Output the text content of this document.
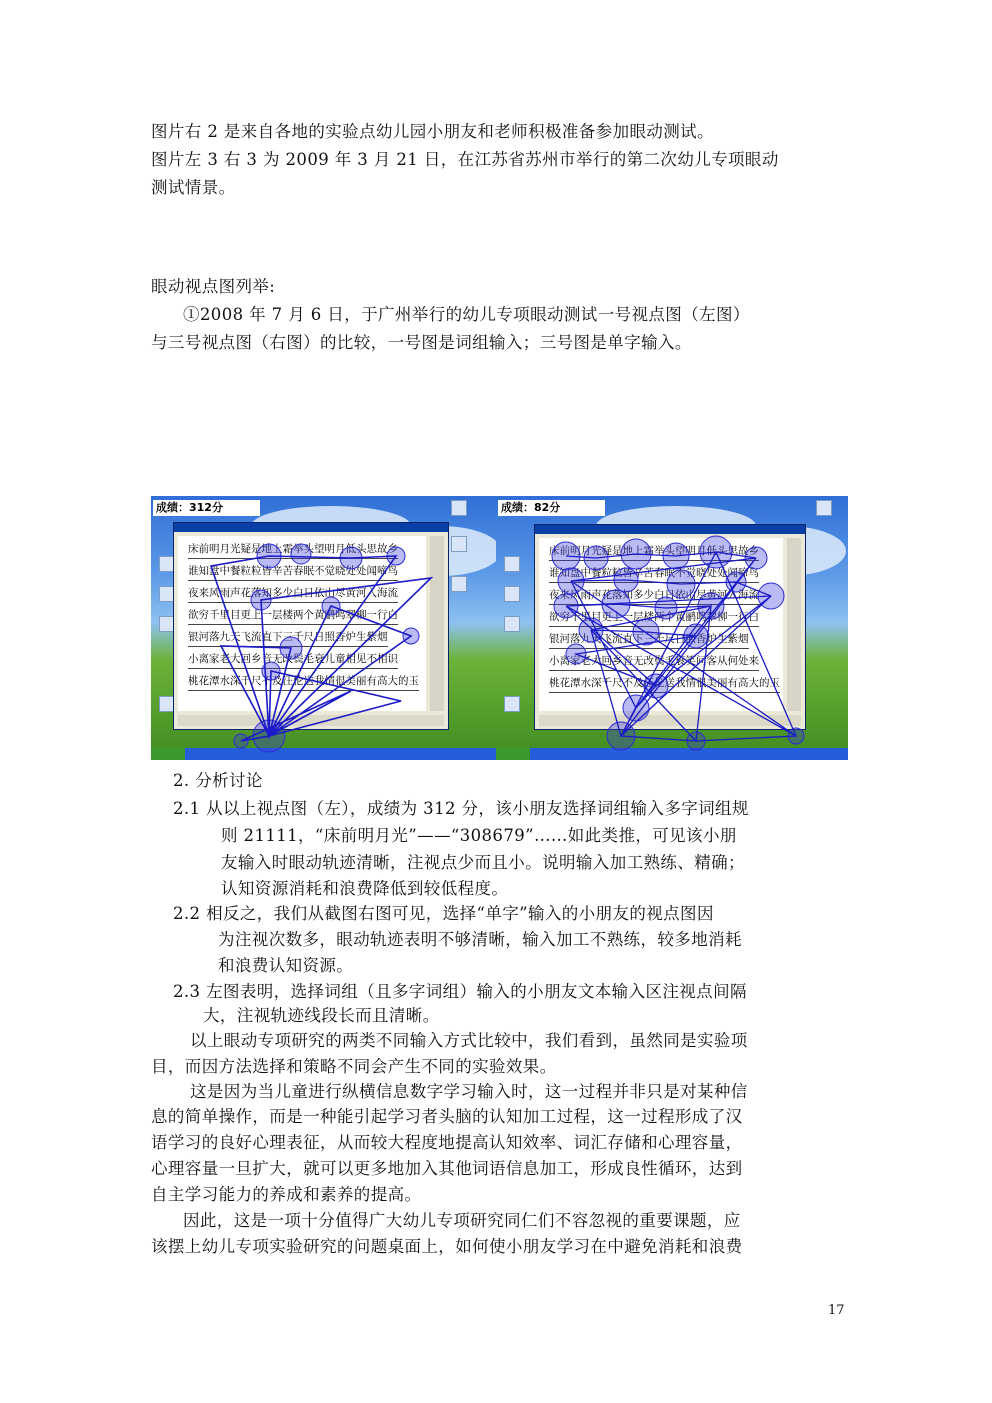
图片右 2 是来自各地的实验点幼儿园小朋友和老师积极准备参加眼动测试。
图片左 3 右 3 为 2009 年 3 月 21 日，在江苏省苏州市举行的第二次幼儿专项眼动
测试情景。
眼动视点图列举:
①2008 年 7 月 6 日，于广州举行的幼儿专项眼动测试一号视点图（左图）
与三号视点图（右图）的比较，一号图是词组输入；三号图是单字输入。
成绩：312分
床前明月光疑是地上霜举头望明月低头思故乡
谁知盘中餐粒粒皆辛苦春眠不觉晓处处闻啼鸟
夜来风雨声花落知多少白日依山尽黄河入海流
欲穷千里目更上一层楼两个黄鹂鸣翠柳一行白
银河落九天飞流直下三千尺日照香炉生紫烟
小离家老大回乡音无改鬓毛衰儿童相见不相识
桃花潭水深千尺不及汪伦送我情很美丽有高大的玉
成绩：82分
床前明月光疑是地上霜举头望明月低头思故乡
谁知盘中餐粒粒皆辛苦春眠不觉晓处处闻啼鸟
夜来风雨声花落知多少白日依山尽黄河入海流
欲穷千里目更上一层楼两个黄鹂鸣翠柳一行白
银河落九天飞流直下三千尺日照香炉生紫烟
小离家老大回乡音无改鬓毛衰笑问客从何处来
桃花潭水深千尺不及汪伦送我情很美丽有高大的玉
2. 分析讨论
2.1 从以上视点图（左），成绩为 312 分，该小朋友选择词组输入多字词组规
则 21111，“床前明月光”——“308679”……如此类推，可见该小朋
友输入时眼动轨迹清晰，注视点少而且小。说明输入加工熟练、精确；
认知资源消耗和浪费降低到较低程度。
2.2 相反之，我们从截图右图可见，选择“单字”输入的小朋友的视点图因
为注视次数多，眼动轨迹表明不够清晰，输入加工不熟练，较多地消耗
和浪费认知资源。
2.3 左图表明，选择词组（且多字词组）输入的小朋友文本输入区注视点间隔
大，注视轨迹线段长而且清晰。
以上眼动专项研究的两类不同输入方式比较中，我们看到，虽然同是实验项
目，而因方法选择和策略不同会产生不同的实验效果。
这是因为当儿童进行纵横信息数字学习输入时，这一过程并非只是对某种信
息的简单操作，而是一种能引起学习者头脑的认知加工过程，这一过程形成了汉
语学习的良好心理表征，从而较大程度地提高认知效率、词汇存储和心理容量，
心理容量一旦扩大，就可以更多地加入其他词语信息加工，形成良性循环，达到
自主学习能力的养成和素养的提高。
因此，这是一项十分值得广大幼儿专项研究同仁们不容忽视的重要课题，应
该摆上幼儿专项实验研究的问题桌面上，如何使小朋友学习在中避免消耗和浪费
17
